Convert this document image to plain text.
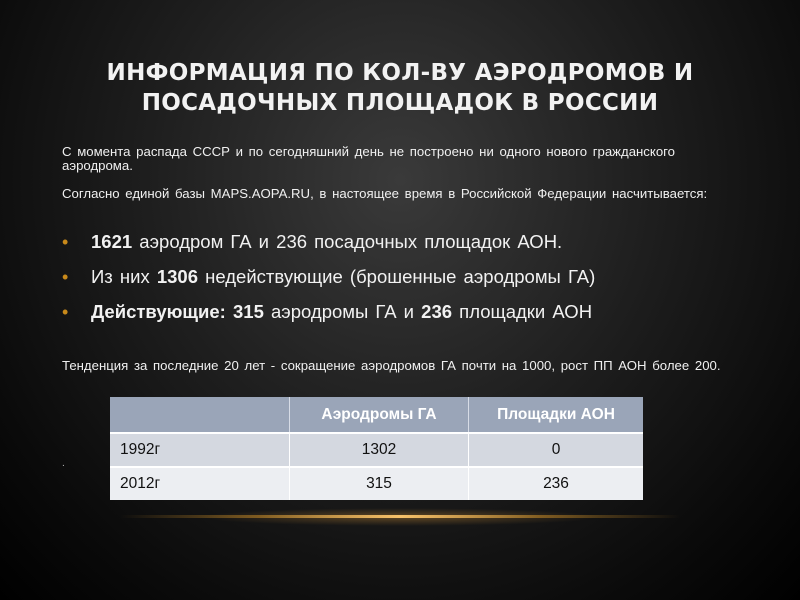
ИНФОРМАЦИЯ ПО КОЛ-ВУ АЭРОДРОМОВ И ПОСАДОЧНЫХ ПЛОЩАДОК В РОССИИ
С момента распада СССР и по сегодняшний день не построено ни одного нового гражданского аэродрома.
Согласно единой базы MAPS.AOPA.RU, в настоящее время в Российской Федерации насчитывается:
• 1621 аэродром ГА и 236 посадочных площадок АОН.
• Из них 1306 недействующие (брошенные аэродромы ГА)
• Действующие: 315 аэродромы ГА и 236 площадки АОН
Тенденция за последние 20 лет - сокращение аэродромов ГА почти на 1000, рост ПП АОН более 200.
	Аэродромы ГА	Площадки АОН
1992г	1302	0
2012г	315	236
.
